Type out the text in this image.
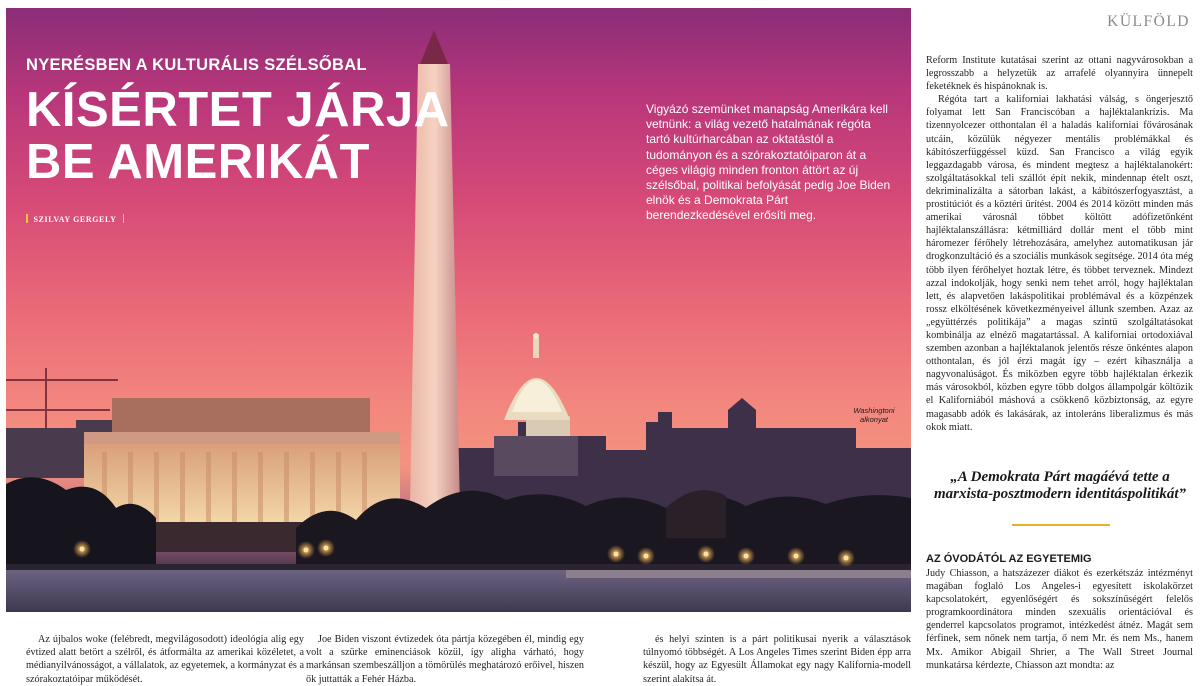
NYERÉSBEN A KULTURÁLIS SZÉLSŐBAL
KÍSÉRTET JÁRJA
BE AMERIKÁT
SZILVAY GERGELY
Vigyázó szemünket manapság Amerikára kell vetnünk: a világ vezető hatalmának régóta tartó kultúrharcában az oktatástól a tudományon és a szórakoztatóiparon át a céges világig minden fronton áttört az új szélsőbal, politikai befolyását pedig Joe Biden elnök és a Demokrata Párt berendezkedésével erősíti meg.
Washingtoni alkonyat
KÜLFÖLD

Reform Institute kutatásai szerint az ottani nagyvárosokban a legrosszabb a helyzetük az arrafelé olyannyira ünnepelt feketéknek és hispánoknak is.

Régóta tart a kaliforniai lakhatási válság, s öngerjesztő folyamat lett San Franciscóban a hajléktalankrízis. Ma tizennyolcezer otthontalan él a haladás kaliforniai fővárosának utcáin, közülük négyezer mentális problémákkal és kábítószerfüggéssel küzd. San Francisco a világ egyik leggazdagabb városa, és mindent megtesz a hajléktalanokért: szolgáltatásokkal teli szállót épít nekik, mindennap ételt oszt, dekriminalizálta a sátorban lakást, a kábítószerfogyasztást, a prostitúciót és a köztéri ürítést. 2004 és 2014 között minden más amerikai városnál többet költött adófizetőnként hajléktalanszállásra: kétmilliárd dollár ment el több mint háromezer férőhely létrehozására, amelyhez automatikusan jár drogkonzultáció és a szociális munkások segítsége. 2014 óta még több ilyen férőhelyet hoztak létre, és többet terveznek. Mindezt azzal indokolják, hogy senki nem tehet arról, hogy hajléktalan lett, és alapvetően lakáspolitikai problémával és a közpénzek rossz elköltésének következményeivel állunk szemben. Azaz az „együttérzés politikája” a magas szintű szolgáltatásokat kombinálja az elnéző magatartással. A kaliforniai ortodoxiával szemben azonban a hajléktalanok jelentős része önkéntes alapon otthontalan, és jól érzi magát így – ezért kihasználja a nagyvonalúságot. És miközben egyre több hajléktalan érkezik más városokból, közben egyre több dolgos állampolgár költözik el Kaliforniából máshová a csökkenő közbiztonság, az egyre magasabb adók és lakásárak, az intoleráns liberalizmus és más okok miatt.

„A Demokrata Párt magáévá tette a marxista-posztmodern identitáspolitikát”
AZ ÓVODÁTÓL AZ EGYETEMIG

Judy Chiasson, a hatszázezer diákot és ezerkétszáz intézményt magában foglaló Los Angeles-i egyesített iskolakörzet kapcsolatokért, egyenlőségért és sokszínűségért felelős programkoordinátora minden szexuális orientációval és genderrel kapcsolatos programot, intézkedést átnéz. Magát sem férfinek, sem nőnek nem tartja, ő nem Mr. és nem Ms., hanem Mx. Amikor Abigail Shrier, a The Wall Street Journal munkatársa kérdezte, Chiasson azt mondta: az

Az újbalos woke (felébredt, megvilágosodott) ideológia alig egy évtized alatt betört a szélről, és átformálta az amerikai közéletet, a médianyilvánosságot, a vállalatok, az egyetemek, a kormányzat és a szórakoztatóipar működését.

Joe Biden viszont évtizedek óta pártja közegében él, mindig egy volt a szürke eminenciások közül, így aligha várható, hogy markánsan szembeszálljon a tömörülés meghatározó erőivel, hiszen ők juttatták a Fehér Házba.

és helyi szinten is a párt politikusai nyerik a választások túlnyomó többségét. A Los Angeles Times szerint Biden épp arra készül, hogy az Egyesült Államokat egy nagy Kalifornia-modell szerint alakítsa át.
